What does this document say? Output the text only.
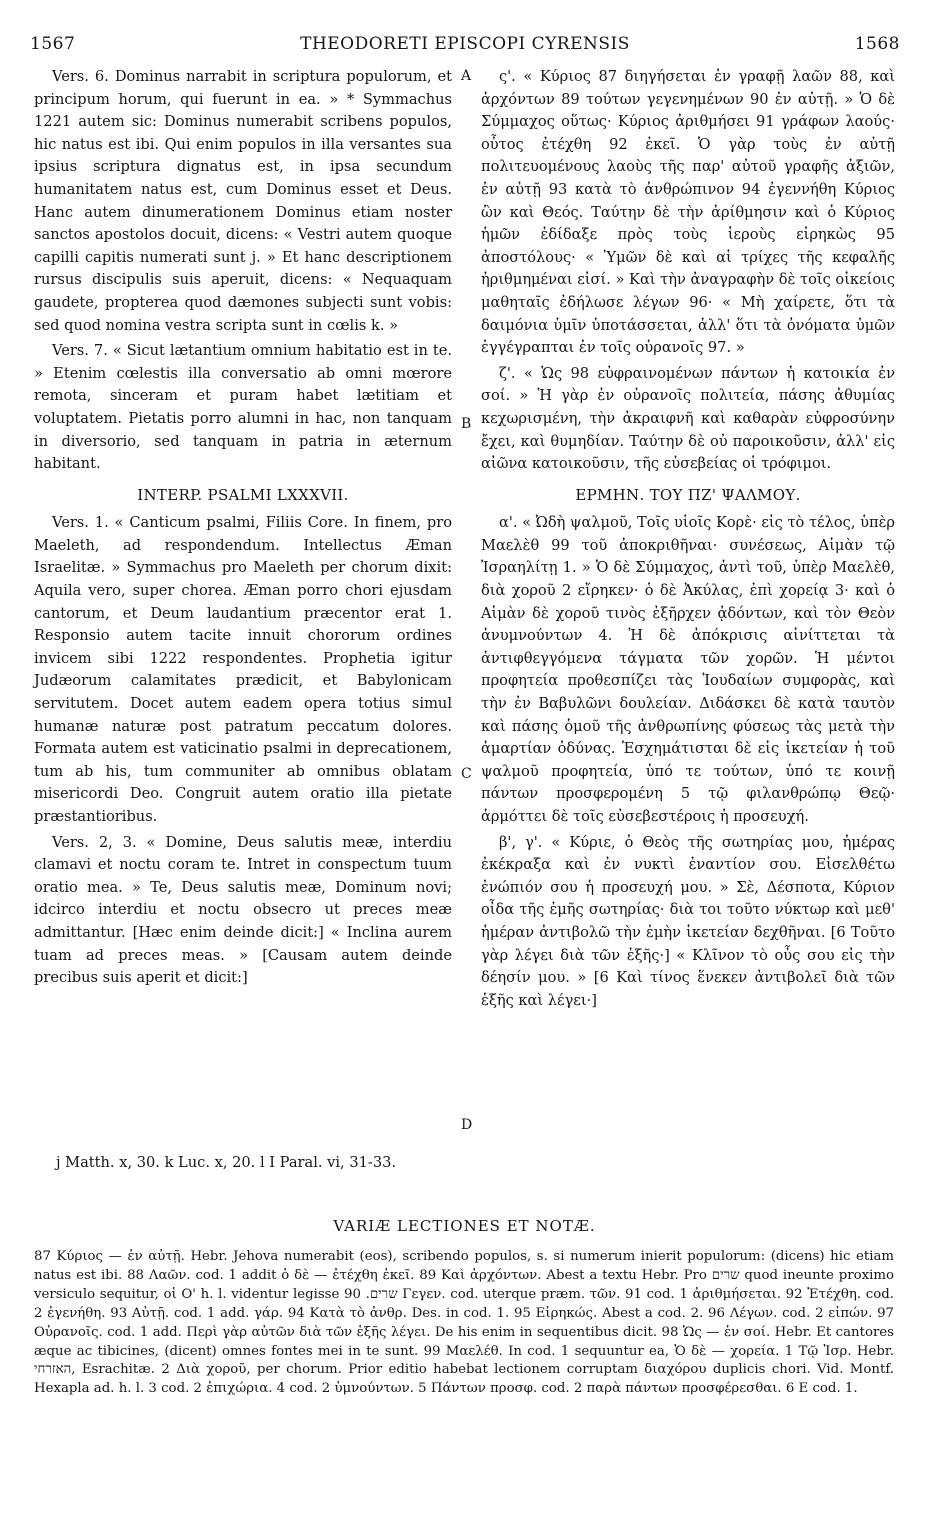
1567	THEODORETI EPISCOPI CYRENSIS	1568

Vers. 6. Dominus narrabit in scriptura populorum, et principum horum, qui fuerunt in ea. » * Symmachus 1221 autem sic: Dominus numerabit scribens populos, hic natus est ibi. Qui enim populos in illa versantes sua ipsius scriptura dignatus est, in ipsa secundum humanitatem natus est, cum Dominus esset et Deus. Hanc autem dinumerationem Dominus etiam noster sanctos apostolos docuit, dicens: « Vestri autem quoque capilli capitis numerati sunt j. » Et hanc descriptionem rursus discipulis suis aperuit, dicens: « Nequaquam gaudete, propterea quod dæmones subjecti sunt vobis: sed quod nomina vestra scripta sunt in cœlis k. »

Vers. 7. « Sicut lætantium omnium habitatio est in te. » Etenim cœlestis illa conversatio ab omni mœrore remota, sinceram et puram habet lætitiam et voluptatem. Pietatis porro alumni in hac, non tanquam in diversorio, sed tanquam in patria in æternum habitant.

INTERP. PSALMI LXXXVII.

Vers. 1. « Canticum psalmi, Filiis Core. In finem, pro Maeleth, ad respondendum. Intellectus Æman Israelitæ. » Symmachus pro Maeleth per chorum dixit: Aquila vero, super chorea. Æman porro chori ejusdam cantorum, et Deum laudantium præcentor erat 1. Responsio autem tacite innuit chororum ordines invicem sibi 1222 respondentes. Prophetia igitur Judæorum calamitates prædicit, et Babylonicam servitutem. Docet autem eadem opera totius simul humanæ naturæ post patratum peccatum dolores. Formata autem est vaticinatio psalmi in deprecationem, tum ab his, tum communiter ab omnibus oblatam misericordi Deo. Congruit autem oratio illa pietate præstantioribus.

Vers. 2, 3. « Domine, Deus salutis meæ, interdiu clamavi et noctu coram te. Intret in conspectum tuum oratio mea. » Te, Deus salutis meæ, Dominum novi; idcirco interdiu et noctu obsecro ut preces meæ admittantur. [Hæc enim deinde dicit:] « Inclina aurem tuam ad preces meas. » [Causam autem deinde precibus suis aperit et dicit:]

ς'. « Κύριος 87 διηγήσεται ἐν γραφῇ λαῶν 88, καὶ ἀρχόντων 89 τούτων γεγενημένων 90 ἐν αὐτῇ. » Ὁ δὲ Σύμμαχος οὕτως· Κύριος ἀριθμήσει 91 γράφων λαούς· οὗτος ἐτέχθη 92 ἐκεῖ. Ὁ γὰρ τοὺς ἐν αὐτῇ πολιτευομένους λαοὺς τῆς παρ' αὐτοῦ γραφῆς ἀξιῶν, ἐν αὐτῇ 93 κατὰ τὸ ἀνθρώπινον 94 ἐγεννήθη Κύριος ὢν καὶ Θεός. Ταύτην δὲ τὴν ἀρίθμησιν καὶ ὁ Κύριος ἡμῶν ἐδίδαξε πρὸς τοὺς ἱεροὺς εἰρηκὼς 95 ἀποστόλους· « Ὑμῶν δὲ καὶ αἱ τρίχες τῆς κεφαλῆς ἠριθμημέναι εἰσί. » Καὶ τὴν ἀναγραφὴν δὲ τοῖς οἰκείοις μαθηταῖς ἐδήλωσε λέγων 96· « Μὴ χαίρετε, ὅτι τὰ δαιμόνια ὑμῖν ὑποτάσσεται, ἀλλ' ὅτι τὰ ὀνόματα ὑμῶν ἐγγέγραπται ἐν τοῖς οὐρανοῖς 97. »

ζ'. « Ὡς 98 εὐφραινομένων πάντων ἡ κατοικία ἐν σοί. » Ἡ γὰρ ἐν οὐρανοῖς πολιτεία, πάσης ἀθυμίας κεχωρισμένη, τὴν ἀκραιφνῆ καὶ καθαρὰν εὐφροσύνην ἔχει, καὶ θυμηδίαν. Ταύτην δὲ οὐ παροικοῦσιν, ἀλλ' εἰς αἰῶνα κατοικοῦσιν, τῆς εὐσεβείας οἱ τρόφιμοι.

ΕΡΜΗΝ. ΤΟΥ ΠΖ' ΨΑΛΜΟΥ.

α'. « Ὠδὴ ψαλμοῦ, Τοῖς υἱοῖς Κορὲ· εἰς τὸ τέλος, ὑπὲρ Μαελὲθ 99 τοῦ ἀποκριθῆναι· συνέσεως, Αἱμὰν τῷ Ἰσραηλίτῃ 1. » Ὁ δὲ Σύμμαχος, ἀντὶ τοῦ, ὑπὲρ Μαελὲθ, διὰ χοροῦ 2 εἴρηκεν· ὁ δὲ Ἀκύλας, ἐπὶ χορείᾳ 3· καὶ ὁ Αἱμὰν δὲ χοροῦ τινὸς ἐξῆρχεν ᾀδόντων, καὶ τὸν Θεὸν ἀνυμνούντων 4. Ἡ δὲ ἀπόκρισις αἰνίττεται τὰ ἀντιφθεγγόμενα τάγματα τῶν χορῶν. Ἡ μέντοι προφητεία προθεσπίζει τὰς Ἰουδαίων συμφορὰς, καὶ τὴν ἐν Βαβυλῶνι δουλείαν. Διδάσκει δὲ κατὰ ταυτὸν καὶ πάσης ὁμοῦ τῆς ἀνθρωπίνης φύσεως τὰς μετὰ τὴν ἁμαρτίαν ὀδύνας. Ἐσχημάτισται δὲ εἰς ἱκετείαν ἡ τοῦ ψαλμοῦ προφητεία, ὑπό τε τούτων, ὑπό τε κοινῇ πάντων προσφερομένη 5 τῷ φιλανθρώπῳ Θεῷ· ἁρμόττει δὲ τοῖς εὐσεβεστέροις ἡ προσευχή.

β', γ'. « Κύριε, ὁ Θεὸς τῆς σωτηρίας μου, ἡμέρας ἐκέκραξα καὶ ἐν νυκτὶ ἐναντίον σου. Εἰσελθέτω ἐνώπιόν σου ἡ προσευχή μου. » Σὲ, Δέσποτα, Κύριον οἶδα τῆς ἐμῆς σωτηρίας· διὰ τοι τοῦτο νύκτωρ καὶ μεθ' ἡμέραν ἀντιβολῶ τὴν ἐμὴν ἱκετείαν δεχθῆναι. [6 Τοῦτο γὰρ λέγει διὰ τῶν ἑξῆς·] « Κλῖνον τὸ οὖς σου εἰς τὴν δέησίν μου. » [6 Καὶ τίνος ἕνεκεν ἀντιβολεῖ διὰ τῶν ἑξῆς καὶ λέγει·]

A
B
C
D
j Matth. x, 30. k Luc. x, 20. l I Paral. vi, 31-33.
VARIÆ LECTIONES ET NOTÆ.

87 Κύριος — ἐν αὐτῇ. Hebr. Jehova numerabit (eos), scribendo populos, s. si numerum inierit populorum: (dicens) hic etiam natus est ibi. 88 Λαῶν. cod. 1 addit ὁ δὲ — ἐτέχθη ἐκεῖ. 89 Καὶ ἀρχόντων. Abest a textu Hebr. Pro שרים quod ineunte proximo versiculo sequitur, οἱ Ο' h. l. videntur legisse שרים. 90 Γεγεν. cod. uterque præm. τῶν. 91 cod. 1 ἀριθμήσεται. 92 Ἐτέχθη. cod. 2 ἐγενήθη. 93 Αὐτῇ. cod. 1 add. γάρ. 94 Κατὰ τὸ ἀνθρ. Des. in cod. 1. 95 Εἰρηκώς. Abest a cod. 2. 96 Λέγων. cod. 2 εἰπών. 97 Οὐρανοῖς. cod. 1 add. Περὶ γὰρ αὐτῶν διὰ τῶν ἑξῆς λέγει. De his enim in sequentibus dicit. 98 Ὡς — ἐν σοί. Hebr. Et cantores æque ac tibicines, (dicent) omnes fontes mei in te sunt. 99 Μαελέθ. In cod. 1 sequuntur ea, Ὁ δὲ — χορεία. 1 Τῷ Ἰσρ. Hebr. האזרחי, Esrachitæ. 2 Διὰ χοροῦ, per chorum. Prior editio habebat lectionem corruptam διαχόρου duplicis chori. Vid. Montf. Hexapla ad. h. l. 3 cod. 2 ἐπιχώρια. 4 cod. 2 ὑμνούντων. 5 Πάντων προσφ. cod. 2 παρὰ πάντων προσφέρεσθαι. 6 E cod. 1.
